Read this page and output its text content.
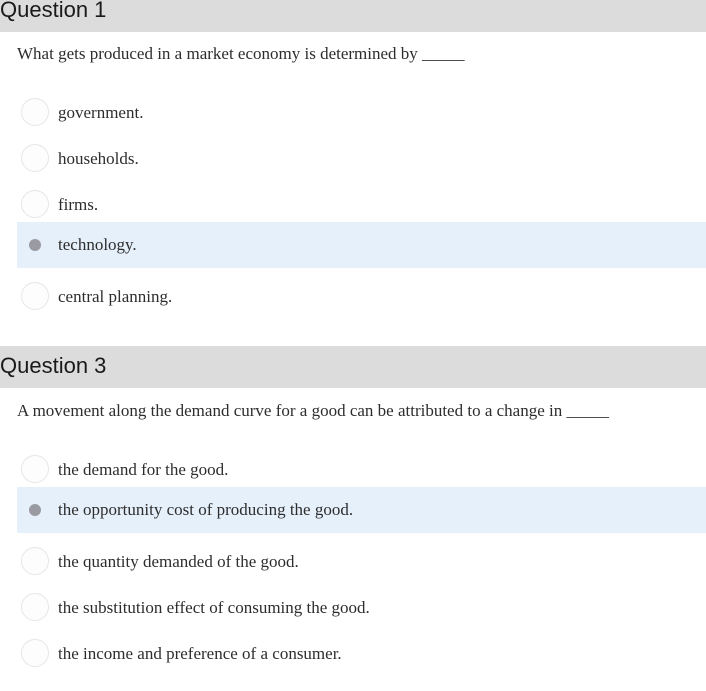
Question 1
What gets produced in a market economy is determined by _____
government.
households.
firms.
technology.
central planning.
Question 3
A movement along the demand curve for a good can be attributed to a change in _____
the demand for the good.
the opportunity cost of producing the good.
the quantity demanded of the good.
the substitution effect of consuming the good.
the income and preference of a consumer.
